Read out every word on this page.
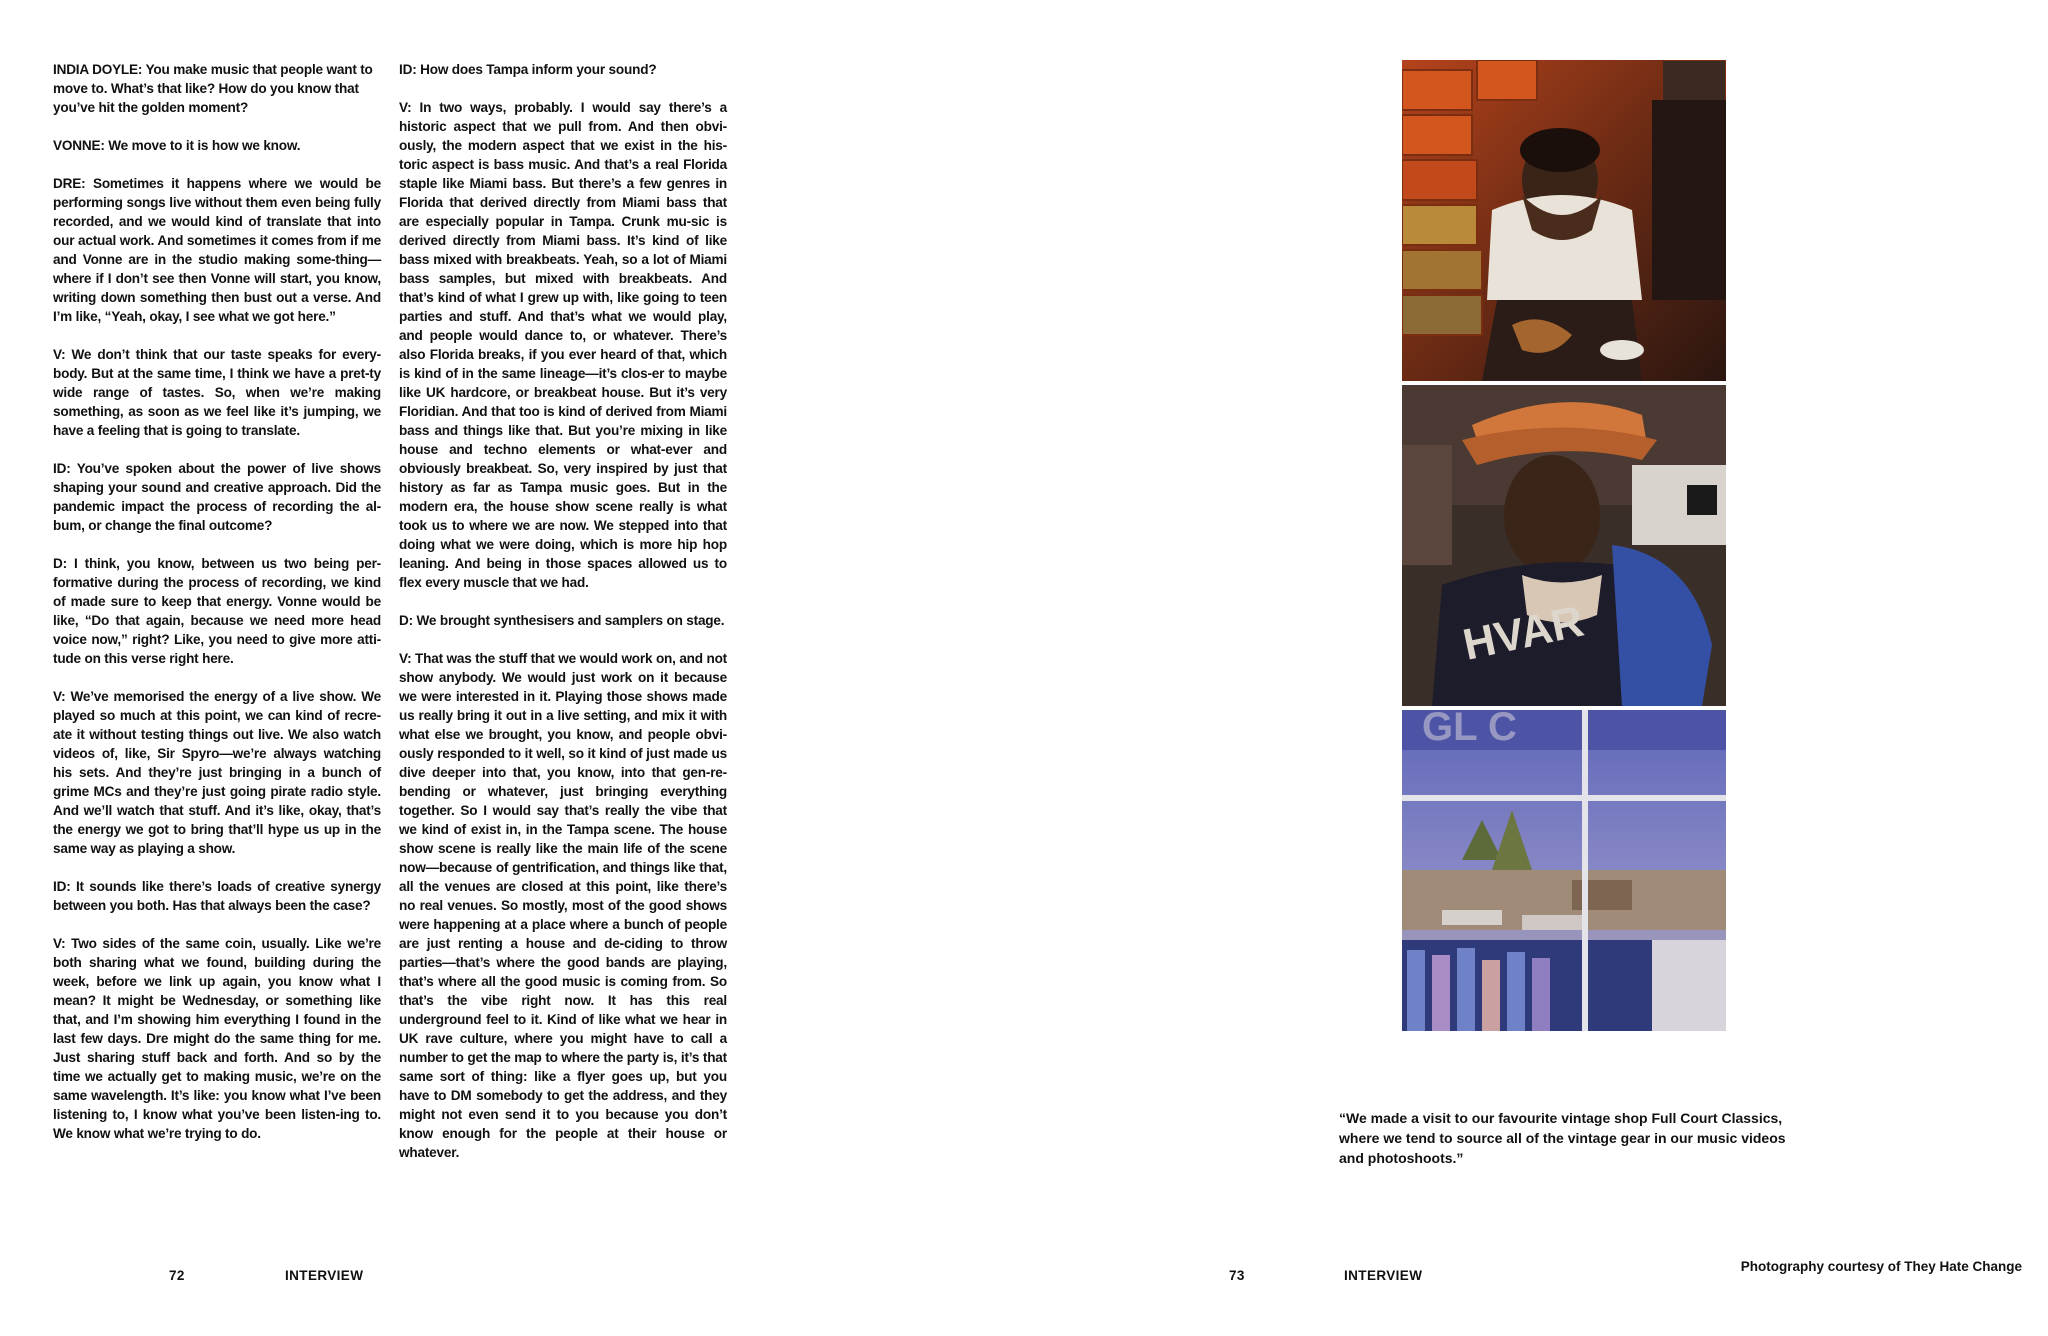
INDIA DOYLE: You make music that people want to move to. What’s that like? How do you know that you’ve hit the golden moment?

VONNE: We move to it is how we know.

DRE: Sometimes it happens where we would be performing songs live without them even being fully recorded, and we would kind of translate that into our actual work. And sometimes it comes from if me and Vonne are in the studio making some-thing—where if I don’t see then Vonne will start, you know, writing down something then bust out a verse. And I’m like, “Yeah, okay, I see what we got here.”

V: We don’t think that our taste speaks for every-body. But at the same time, I think we have a pret-ty wide range of tastes. So, when we’re making something, as soon as we feel like it’s jumping, we have a feeling that is going to translate.

ID: You’ve spoken about the power of live shows shaping your sound and creative approach. Did the pandemic impact the process of recording the al-bum, or change the final outcome?

D: I think, you know, between us two being per-formative during the process of recording, we kind of made sure to keep that energy. Vonne would be like, “Do that again, because we need more head voice now,” right? Like, you need to give more atti-tude on this verse right here.

V: We’ve memorised the energy of a live show. We played so much at this point, we can kind of recre-ate it without testing things out live. We also watch videos of, like, Sir Spyro—we’re always watching his sets. And they’re just bringing in a bunch of grime MCs and they’re just going pirate radio style. And we’ll watch that stuff. And it’s like, okay, that’s the energy we got to bring that’ll hype us up in the same way as playing a show.

ID: It sounds like there’s loads of creative synergy between you both. Has that always been the case?

V: Two sides of the same coin, usually. Like we’re both sharing what we found, building during the week, before we link up again, you know what I mean? It might be Wednesday, or something like that, and I’m showing him everything I found in the last few days. Dre might do the same thing for me. Just sharing stuff back and forth. And so by the time we actually get to making music, we’re on the same wavelength. It’s like: you know what I’ve been listening to, I know what you’ve been listen-ing to. We know what we’re trying to do.

ID: How does Tampa inform your sound?

V: In two ways, probably. I would say there’s a historic aspect that we pull from. And then obvi-ously, the modern aspect that we exist in the his-toric aspect is bass music. And that’s a real Florida staple like Miami bass. But there’s a few genres in Florida that derived directly from Miami bass that are especially popular in Tampa. Crunk mu-sic is derived directly from Miami bass. It’s kind of like bass mixed with breakbeats. Yeah, so a lot of Miami bass samples, but mixed with breakbeats. And that’s kind of what I grew up with, like going to teen parties and stuff. And that’s what we would play, and people would dance to, or whatever. There’s also Florida breaks, if you ever heard of that, which is kind of in the same lineage—it’s clos-er to maybe like UK hardcore, or breakbeat house. But it’s very Floridian. And that too is kind of derived from Miami bass and things like that. But you’re mixing in like house and techno elements or what-ever and obviously breakbeat. So, very inspired by just that history as far as Tampa music goes. But in the modern era, the house show scene really is what took us to where we are now. We stepped into that doing what we were doing, which is more hip hop leaning. And being in those spaces allowed us to flex every muscle that we had.

D: We brought synthesisers and samplers on stage.

V: That was the stuff that we would work on, and not show anybody. We would just work on it because we were interested in it. Playing those shows made us really bring it out in a live setting, and mix it with what else we brought, you know, and people obvi-ously responded to it well, so it kind of just made us dive deeper into that, you know, into that gen-re-bending or whatever, just bringing everything together. So I would say that’s really the vibe that we kind of exist in, in the Tampa scene. The house show scene is really like the main life of the scene now—because of gentrification, and things like that, all the venues are closed at this point, like there’s no real venues. So mostly, most of the good shows were happening at a place where a bunch of people are just renting a house and de-ciding to throw parties—that’s where the good bands are playing, that’s where all the good music is coming from. So that’s the vibe right now. It has this real underground feel to it. Kind of like what we hear in UK rave culture, where you might have to call a number to get the map to where the party is, it’s that same sort of thing: like a flyer goes up, but you have to DM somebody to get the address, and they might not even send it to you because you don’t know enough for the people at their house or whatever.

72	INTERVIEW
HVAR
GL C
“We made a visit to our favourite vintage shop Full Court Classics, where we tend to source all of the vintage gear in our music videos and photoshoots.”
73	INTERVIEW
Photography courtesy of They Hate Change
